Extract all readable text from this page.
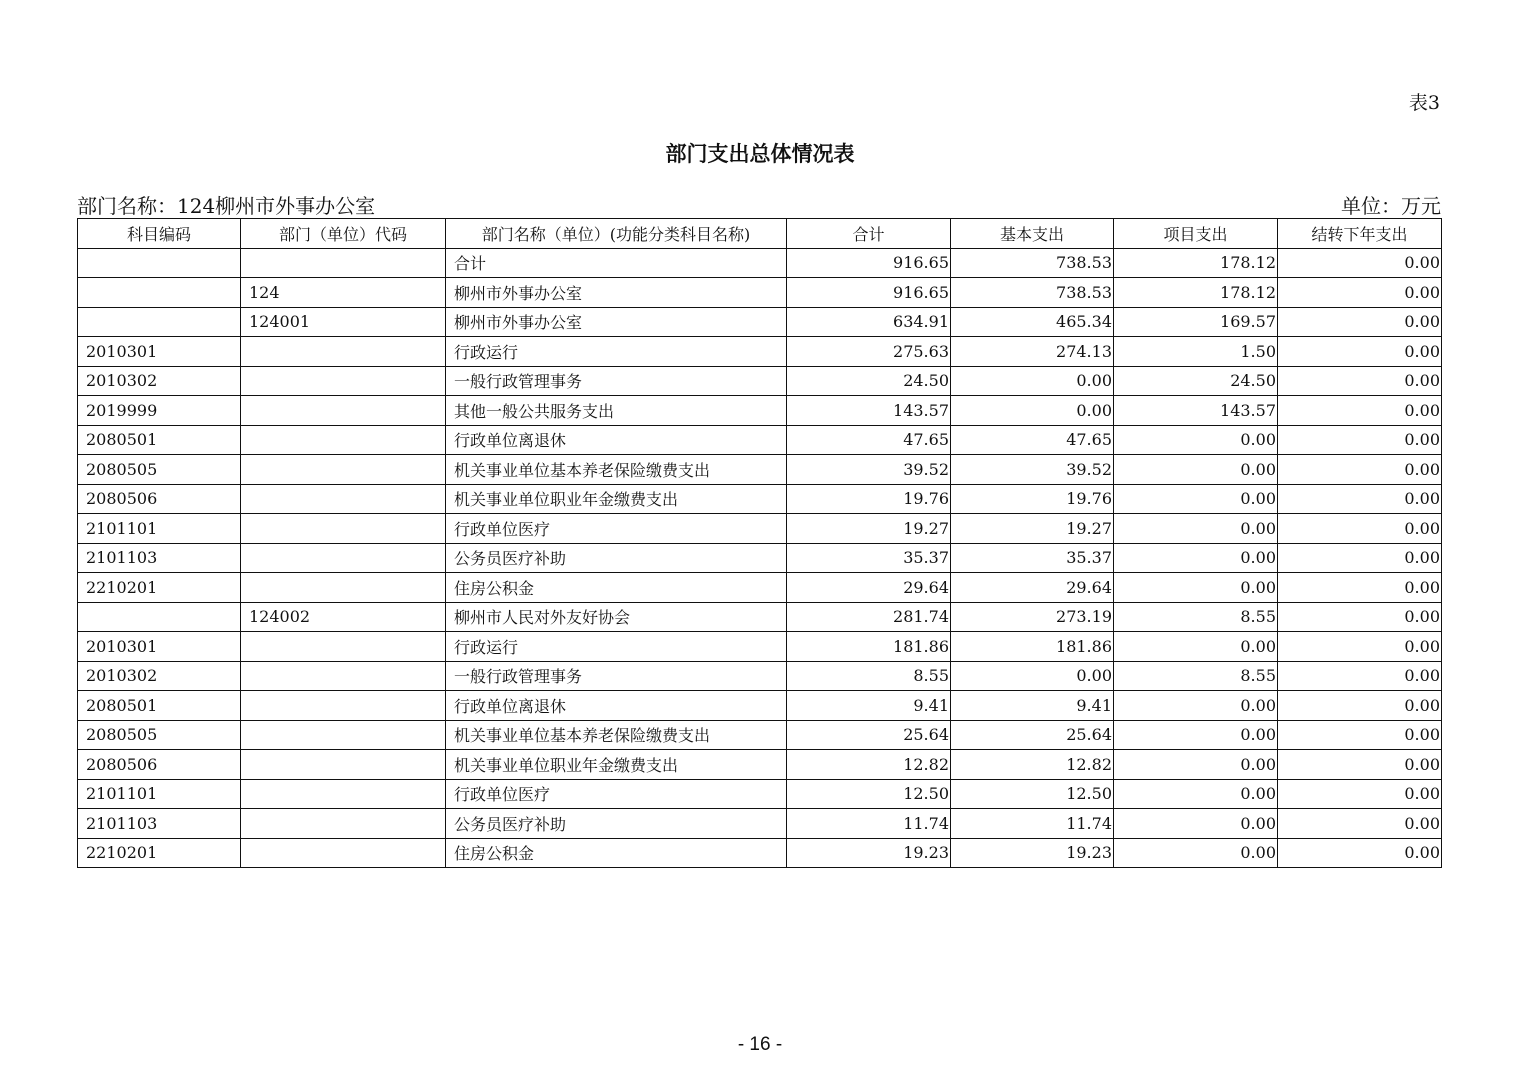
表3
部门支出总体情况表
部门名称：124柳州市外事办公室	单位：万元
科目编码	部门（单位）代码	部门名称（单位）(功能分类科目名称)	合计	基本支出	项目支出	结转下年支出
		合计	916.65	738.53	178.12	0.00
	124	柳州市外事办公室	916.65	738.53	178.12	0.00
	124001	柳州市外事办公室	634.91	465.34	169.57	0.00
2010301		行政运行	275.63	274.13	1.50	0.00
2010302		一般行政管理事务	24.50	0.00	24.50	0.00
2019999		其他一般公共服务支出	143.57	0.00	143.57	0.00
2080501		行政单位离退休	47.65	47.65	0.00	0.00
2080505		机关事业单位基本养老保险缴费支出	39.52	39.52	0.00	0.00
2080506		机关事业单位职业年金缴费支出	19.76	19.76	0.00	0.00
2101101		行政单位医疗	19.27	19.27	0.00	0.00
2101103		公务员医疗补助	35.37	35.37	0.00	0.00
2210201		住房公积金	29.64	29.64	0.00	0.00
	124002	柳州市人民对外友好协会	281.74	273.19	8.55	0.00
2010301		行政运行	181.86	181.86	0.00	0.00
2010302		一般行政管理事务	8.55	0.00	8.55	0.00
2080501		行政单位离退休	9.41	9.41	0.00	0.00
2080505		机关事业单位基本养老保险缴费支出	25.64	25.64	0.00	0.00
2080506		机关事业单位职业年金缴费支出	12.82	12.82	0.00	0.00
2101101		行政单位医疗	12.50	12.50	0.00	0.00
2101103		公务员医疗补助	11.74	11.74	0.00	0.00
2210201		住房公积金	19.23	19.23	0.00	0.00
- 16 -
